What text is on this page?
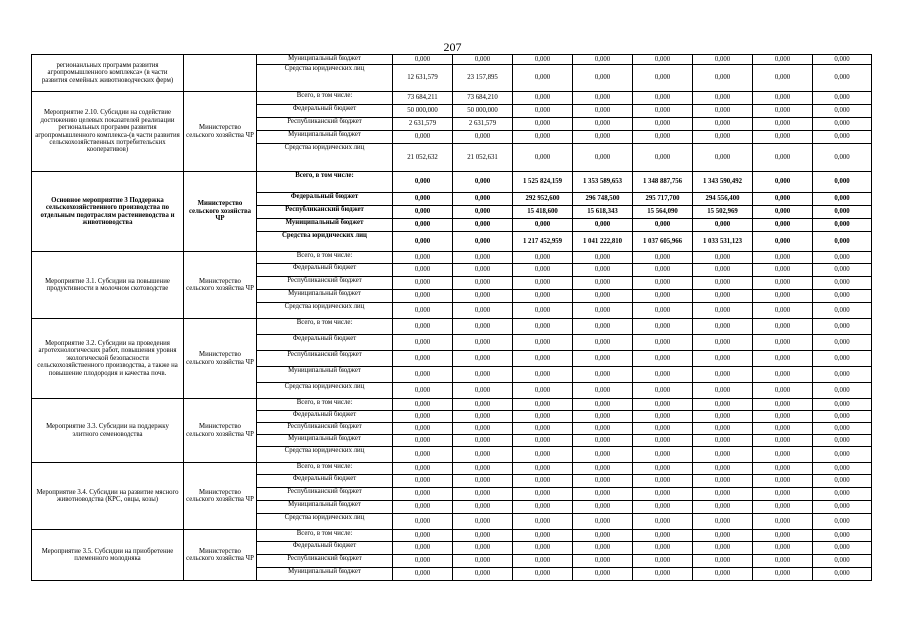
207
регионанльных программ развития агропромышленного комплекса» (в части развития семейных животноводческих ферм)		Муниципальный бюджет	0,000	0,000	0,000	0,000	0,000	0,000	0,000	0,000
		Средства юридических лиц	12 631,579	23 157,895	0,000	0,000	0,000	0,000	0,000	0,000
Мероприятие 2.10. Субсидии на содействие достижению целевых показателей реализации региональных программ развития агропромышленного комплекса-(в части развития сельскохозяйственных потребительских кооперативов)	Министерство сельского хозяйства ЧР	Всего, в том числе:	73 684,211	73 684,210	0,000	0,000	0,000	0,000	0,000	0,000
		Федеральный бюджет	50 000,000	50 000,000	0,000	0,000	0,000	0,000	0,000	0,000
		Республиканский бюджет	2 631,579	2 631,579	0,000	0,000	0,000	0,000	0,000	0,000
		Муниципальный бюджет	0,000	0,000	0,000	0,000	0,000	0,000	0,000	0,000
		Средства юридических лиц	21 052,632	21 052,631	0,000	0,000	0,000	0,000	0,000	0,000
Основное мероприятие 3 Поддержка сельскохозяйственного производства по отдельным подотраслям растениеводства и животноводства	Министерство сельского хозяйства ЧР	Всего, в том числе:	0,000	0,000	1 525 824,159	1 353 589,653	1 348 887,756	1 343 590,492	0,000	0,000
		Федеральный бюджет	0,000	0,000	292 952,600	296 748,500	295 717,700	294 556,400	0,000	0,000
		Республиканский бюджет	0,000	0,000	15 418,600	15 618,343	15 564,090	15 502,969	0,000	0,000
		Муниципальный бюджет	0,000	0,000	0,000	0,000	0,000	0,000	0,000	0,000
		Средства юридических лиц	0,000	0,000	1 217 452,959	1 041 222,810	1 037 605,966	1 033 531,123	0,000	0,000
Мероприятие 3.1. Субсидии на повышение продуктивности в молочном скотоводстве	Министерство сельского хозяйства ЧР	Всего, в том числе:	0,000	0,000	0,000	0,000	0,000	0,000	0,000	0,000
		Федеральный бюджет	0,000	0,000	0,000	0,000	0,000	0,000	0,000	0,000
		Республиканский бюджет	0,000	0,000	0,000	0,000	0,000	0,000	0,000	0,000
		Муниципальный бюджет	0,000	0,000	0,000	0,000	0,000	0,000	0,000	0,000
		Средства юридических лиц	0,000	0,000	0,000	0,000	0,000	0,000	0,000	0,000
Мероприятие 3.2. Субсидии на проведения агротехнологических работ, повышения уровня экологической безопасности сельскохозяйственного производства, а также на повышение плодородия и качества почв.	Министерство сельского хозяйства ЧР	Всего, в том числе:	0,000	0,000	0,000	0,000	0,000	0,000	0,000	0,000
		Федеральный бюджет	0,000	0,000	0,000	0,000	0,000	0,000	0,000	0,000
		Республиканский бюджет	0,000	0,000	0,000	0,000	0,000	0,000	0,000	0,000
		Муниципальный бюджет	0,000	0,000	0,000	0,000	0,000	0,000	0,000	0,000
		Средства юридических лиц	0,000	0,000	0,000	0,000	0,000	0,000	0,000	0,000
Мероприятие 3.3. Субсидии на поддержку элитного семеноводства	Министерство сельского хозяйства ЧР	Всего, в том числе:	0,000	0,000	0,000	0,000	0,000	0,000	0,000	0,000
		Федеральный бюджет	0,000	0,000	0,000	0,000	0,000	0,000	0,000	0,000
		Республиканский бюджет	0,000	0,000	0,000	0,000	0,000	0,000	0,000	0,000
		Муниципальный бюджет	0,000	0,000	0,000	0,000	0,000	0,000	0,000	0,000
		Средства юридических лиц	0,000	0,000	0,000	0,000	0,000	0,000	0,000	0,000
Мероприятие 3.4. Субсидии на развитие мясного животноводства (КРС, овцы, козы)	Министерство сельского хозяйства ЧР	Всего, в том числе:	0,000	0,000	0,000	0,000	0,000	0,000	0,000	0,000
		Федеральный бюджет	0,000	0,000	0,000	0,000	0,000	0,000	0,000	0,000
		Республиканский бюджет	0,000	0,000	0,000	0,000	0,000	0,000	0,000	0,000
		Муниципальный бюджет	0,000	0,000	0,000	0,000	0,000	0,000	0,000	0,000
		Средства юридических лиц	0,000	0,000	0,000	0,000	0,000	0,000	0,000	0,000
Мероприятие 3.5. Субсидии на приобретение племенного молодняка	Министерство сельского хозяйства ЧР	Всего, в том числе:	0,000	0,000	0,000	0,000	0,000	0,000	0,000	0,000
		Федеральный бюджет	0,000	0,000	0,000	0,000	0,000	0,000	0,000	0,000
		Республиканский бюджет	0,000	0,000	0,000	0,000	0,000	0,000	0,000	0,000
		Муниципальный бюджет	0,000	0,000	0,000	0,000	0,000	0,000	0,000	0,000
